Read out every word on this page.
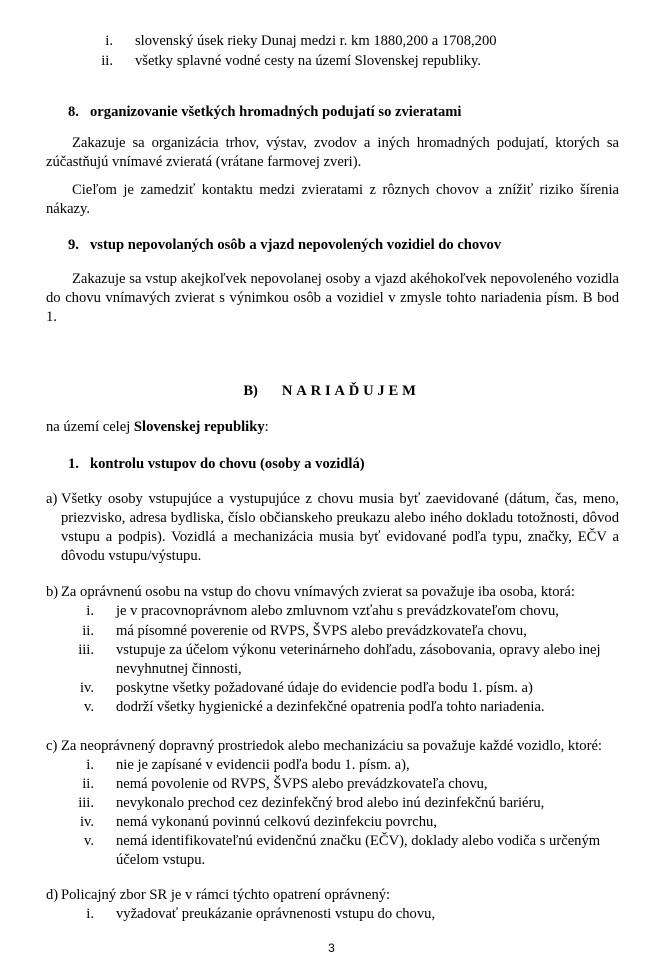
i. slovenský úsek rieky Dunaj medzi r. km 1880,200 a 1708,200
ii. všetky splavné vodné cesty na území Slovenskej republiky.
8. organizovanie všetkých hromadných podujatí so zvieratami
Zakazuje sa organizácia trhov, výstav, zvodov a iných hromadných podujatí, ktorých sa zúčastňujú vnímavé zvieratá (vrátane farmovej zveri).
Cieľom je zamedziť kontaktu medzi zvieratami z rôznych chovov a znížiť riziko šírenia nákazy.
9. vstup nepovolaných osôb a vjazd nepovolených vozidiel do chovov
Zakazuje sa vstup akejkoľvek nepovolanej osoby a vjazd akéhokoľvek nepovoleného vozidla do chovu vnímavých zvierat s výnimkou osôb a vozidiel v zmysle tohto nariadenia písm. B bod 1.
B) NARIAĎUJEM
na území celej Slovenskej republiky:
1. kontrolu vstupov do chovu (osoby a vozidlá)
a) Všetky osoby vstupujúce a vystupujúce z chovu musia byť zaevidované (dátum, čas, meno, priezvisko, adresa bydliska, číslo občianskeho preukazu alebo iného dokladu totožnosti, dôvod vstupu a podpis). Vozidlá a mechanizácia musia byť evidované podľa typu, značky, EČV a dôvodu vstupu/výstupu.
b) Za oprávnenú osobu na vstup do chovu vnímavých zvierat sa považuje iba osoba, ktorá:
i. je v pracovnoprávnom alebo zmluvnom vzťahu s prevádzkovateľom chovu,
ii. má písomné poverenie od RVPS, ŠVPS alebo prevádzkovateľa chovu,
iii. vstupuje za účelom výkonu veterinárneho dohľadu, zásobovania, opravy alebo inej nevyhnutnej činnosti,
iv. poskytne všetky požadované údaje do evidencie podľa bodu 1. písm. a)
v. dodrží všetky hygienické a dezinfekčné opatrenia podľa tohto nariadenia.
c) Za neoprávnený dopravný prostriedok alebo mechanizáciu sa považuje každé vozidlo, ktoré:
i. nie je zapísané v evidencii podľa bodu 1. písm. a),
ii. nemá povolenie od RVPS, ŠVPS alebo prevádzkovateľa chovu,
iii. nevykonalo prechod cez dezinfekčný brod alebo inú dezinfekčnú bariéru,
iv. nemá vykonanú povinnú celkovú dezinfekciu povrchu,
v. nemá identifikovateľnú evidenčnú značku (EČV), doklady alebo vodiča s určeným účelom vstupu.
d) Policajný zbor SR je v rámci týchto opatrení oprávnený:
i. vyžadovať preukázanie oprávnenosti vstupu do chovu,
3
